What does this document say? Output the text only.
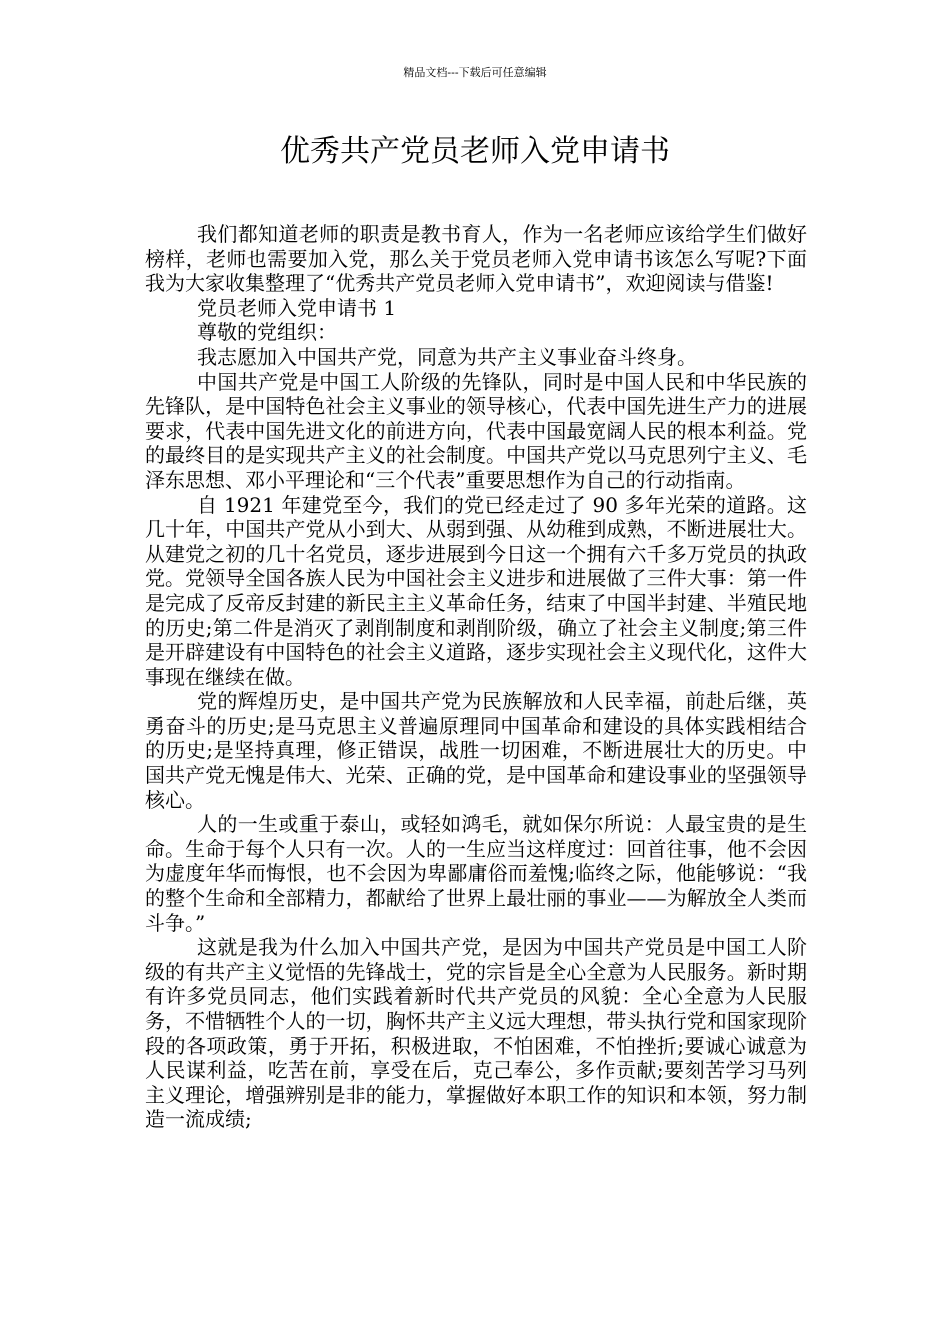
精品文档---下载后可任意编辑
优秀共产党员老师入党申请书

我们都知道老师的职责是教书育人，作为一名老师应该给学生们做好榜样，老师也需要加入党，那么关于党员老师入党申请书该怎么写呢?下面我为大家收集整理了“优秀共产党员老师入党申请书”，欢迎阅读与借鉴!

党员老师入党申请书 1

尊敬的党组织：

我志愿加入中国共产党，同意为共产主义事业奋斗终身。

中国共产党是中国工人阶级的先锋队，同时是中国人民和中华民族的先锋队，是中国特色社会主义事业的领导核心，代表中国先进生产力的进展要求，代表中国先进文化的前进方向，代表中国最宽阔人民的根本利益。党的最终目的是实现共产主义的社会制度。中国共产党以马克思列宁主义、毛泽东思想、邓小平理论和“三个代表”重要思想作为自己的行动指南。

自 1921 年建党至今，我们的党已经走过了 90 多年光荣的道路。这几十年，中国共产党从小到大、从弱到强、从幼稚到成熟，不断进展壮大。从建党之初的几十名党员，逐步进展到今日这一个拥有六千多万党员的执政党。党领导全国各族人民为中国社会主义进步和进展做了三件大事：第一件是完成了反帝反封建的新民主主义革命任务，结束了中国半封建、半殖民地的历史;第二件是消灭了剥削制度和剥削阶级，确立了社会主义制度;第三件是开辟建设有中国特色的社会主义道路，逐步实现社会主义现代化，这件大事现在继续在做。

党的辉煌历史，是中国共产党为民族解放和人民幸福，前赴后继，英勇奋斗的历史;是马克思主义普遍原理同中国革命和建设的具体实践相结合的历史;是坚持真理，修正错误，战胜一切困难，不断进展壮大的历史。中国共产党无愧是伟大、光荣、正确的党，是中国革命和建设事业的坚强领导核心。

人的一生或重于泰山，或轻如鸿毛，就如保尔所说：人最宝贵的是生命。生命于每个人只有一次。人的一生应当这样度过：回首往事，他不会因为虚度年华而悔恨，也不会因为卑鄙庸俗而羞愧;临终之际，他能够说：“我的整个生命和全部精力，都献给了世界上最壮丽的事业——为解放全人类而斗争。”

这就是我为什么加入中国共产党，是因为中国共产党员是中国工人阶级的有共产主义觉悟的先锋战士，党的宗旨是全心全意为人民服务。新时期有许多党员同志，他们实践着新时代共产党员的风貌：全心全意为人民服务，不惜牺牲个人的一切，胸怀共产主义远大理想，带头执行党和国家现阶段的各项政策，勇于开拓，积极进取，不怕困难，不怕挫折;要诚心诚意为人民谋利益，吃苦在前，享受在后，克己奉公，多作贡献;要刻苦学习马列主义理论，增强辨别是非的能力，掌握做好本职工作的知识和本领，努力制造一流成绩;
